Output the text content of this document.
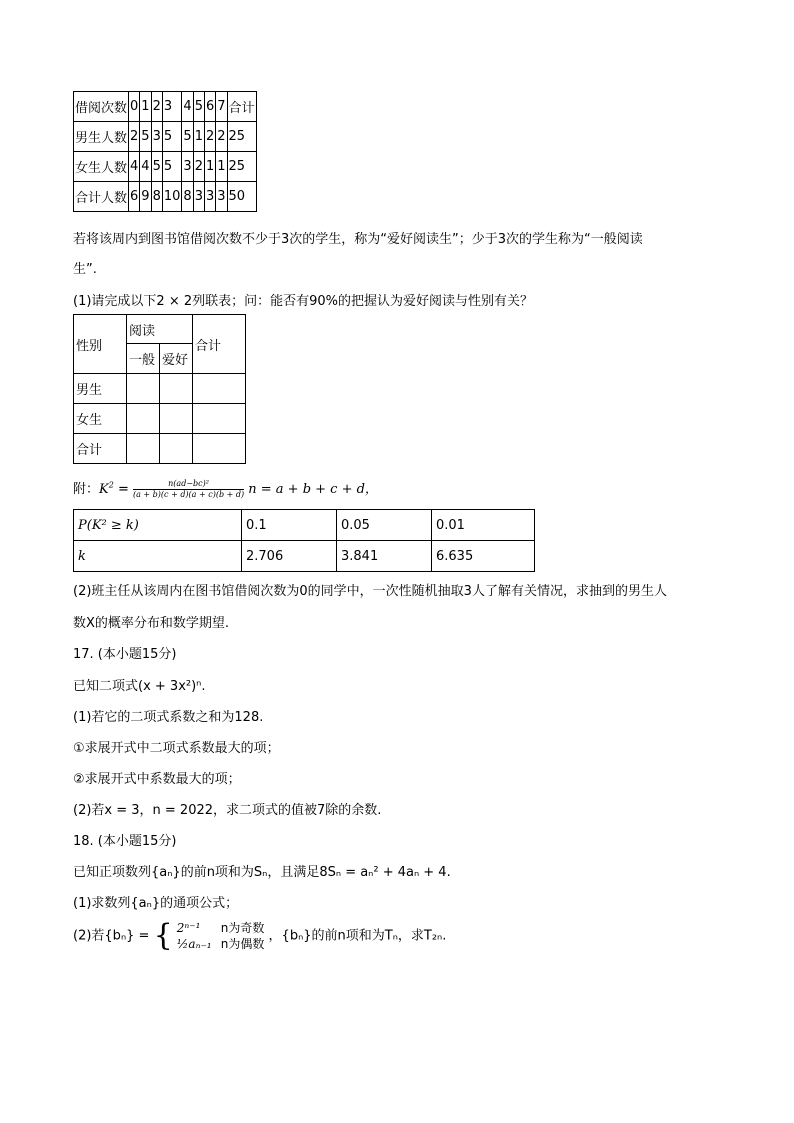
借阅次数	0	1	2	3	4	5	6	7	合计
男生人数	2	5	3	5	5	1	2	2	25
女生人数	4	4	5	5	3	2	1	1	25
合计人数	6	9	8	10	8	3	3	3	50
若将该周内到图书馆借阅次数不少于3次的学生，称为“爱好阅读生”；少于3次的学生称为“一般阅读
生”.
(1)请完成以下2 × 2列联表；问：能否有90%的把握认为爱好阅读与性别有关？
性别	阅读		合计
	一般	爱好	
男生			
女生			
合计			
附：$K^2 = \frac{\text{n(ad−bc)²}}{(a + b)(c + d)(a + c)(b + d)}$ n = a + b + c + d，
P(K² ≥ k)	0.1	0.05	0.01
k	2.706	3.841	6.635
(2)班主任从该周内在图书馆借阅次数为0的同学中，一次性随机抽取3人了解有关情况，求抽到的男生人
数X的概率分布和数学期望.
17. (本小题15分)
已知二项式(x + 3x²)ⁿ.
(1)若它的二项式系数之和为128.
①求展开式中二项式系数最大的项；
②求展开式中系数最大的项；
(2)若x = 3，n = 2022，求二项式的值被7除的余数.
18. (本小题15分)
已知正项数列{aₙ}的前n项和为Sₙ，且满足8Sₙ = aₙ² + 4aₙ + 4.
(1)求数列{aₙ}的通项公式；
(2)若{bₙ} = { 2ⁿ⁻¹ n为奇数
½aₙ₋₁ n为偶数
，{bₙ}的前n项和为Tₙ，求T₂ₙ.
